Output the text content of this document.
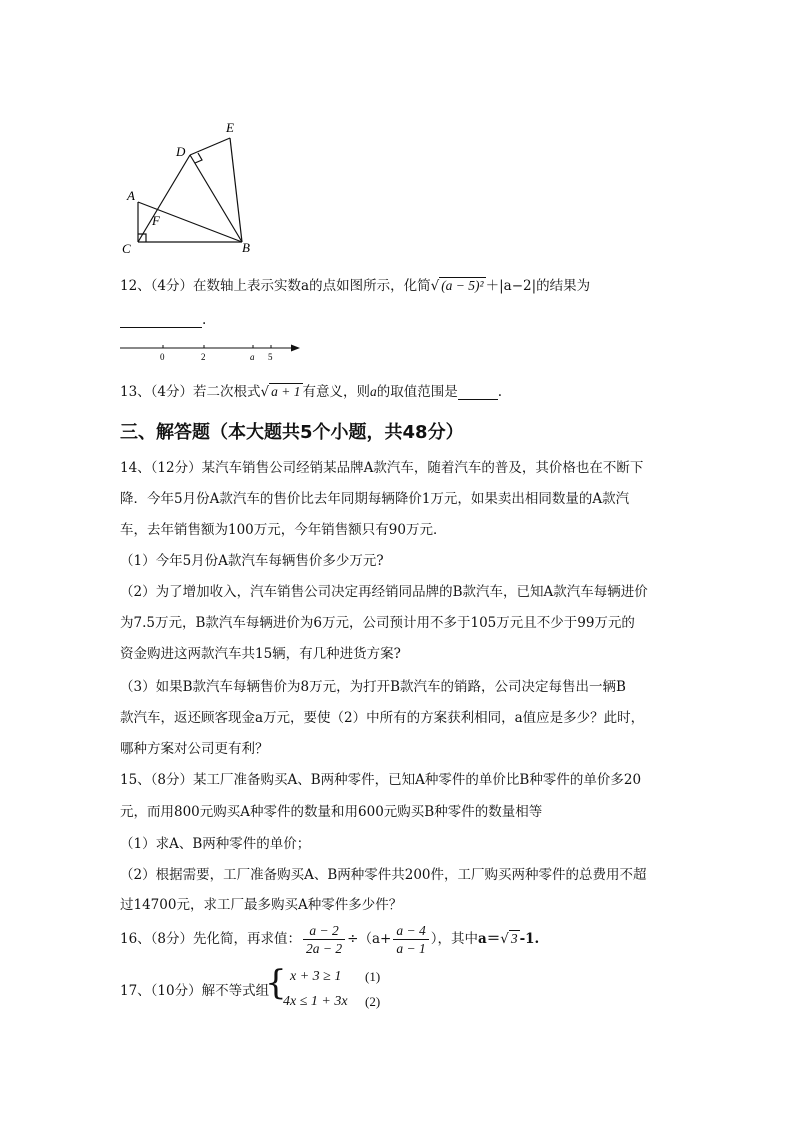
E
D
A
F
C	B
12、（4分）在数轴上表示实数a的点如图所示，化简√ (a − 5)² ＋|a−2|的结果为
.
0	2	a 5
13、（4分）若二次根式√ a + 1 有意义，则a的取值范围是	.
三、解答题（本大题共5个小题，共48分）
14、（12分）某汽车销售公司经销某品牌A款汽车，随着汽车的普及，其价格也在不断下
降．今年5月份A款汽车的售价比去年同期每辆降价1万元，如果卖出相同数量的A款汽
车，去年销售额为100万元，今年销售额只有90万元．
（1）今年5月份A款汽车每辆售价多少万元?
（2）为了增加收入，汽车销售公司决定再经销同品牌的B款汽车，已知A款汽车每辆进价
为7.5万元，B款汽车每辆进价为6万元，公司预计用不多于105万元且不少于99万元的
资金购进这两款汽车共15辆，有几种进货方案?
（3）如果B款汽车每辆售价为8万元，为打开B款汽车的销路，公司决定每售出一辆B
款汽车，返还顾客现金a万元，要使（2）中所有的方案获利相同，a值应是多少？此时，
哪种方案对公司更有利？
15、（8分）某工厂准备购买A、B两种零件，已知A种零件的单价比B种零件的单价多20
元，而用800元购买A种零件的数量和用600元购买B种零件的数量相等
（1）求A、B两种零件的单价；
（2）根据需要，工厂准备购买A、B两种零件共200件，工厂购买两种零件的总费用不超
过14700元，求工厂最多购买A种零件多少件？
16、（8分）先化简，再求值： $\frac{a - 2}{2a - 2} \div(a+ \frac{a - 4}{a - 1}$ ），其中a＝√ 3 -1.
17、（10分）解不等式组
{ x + 3 ≥ 1
4x ≤ 1 + 3x
(1)
(2)
